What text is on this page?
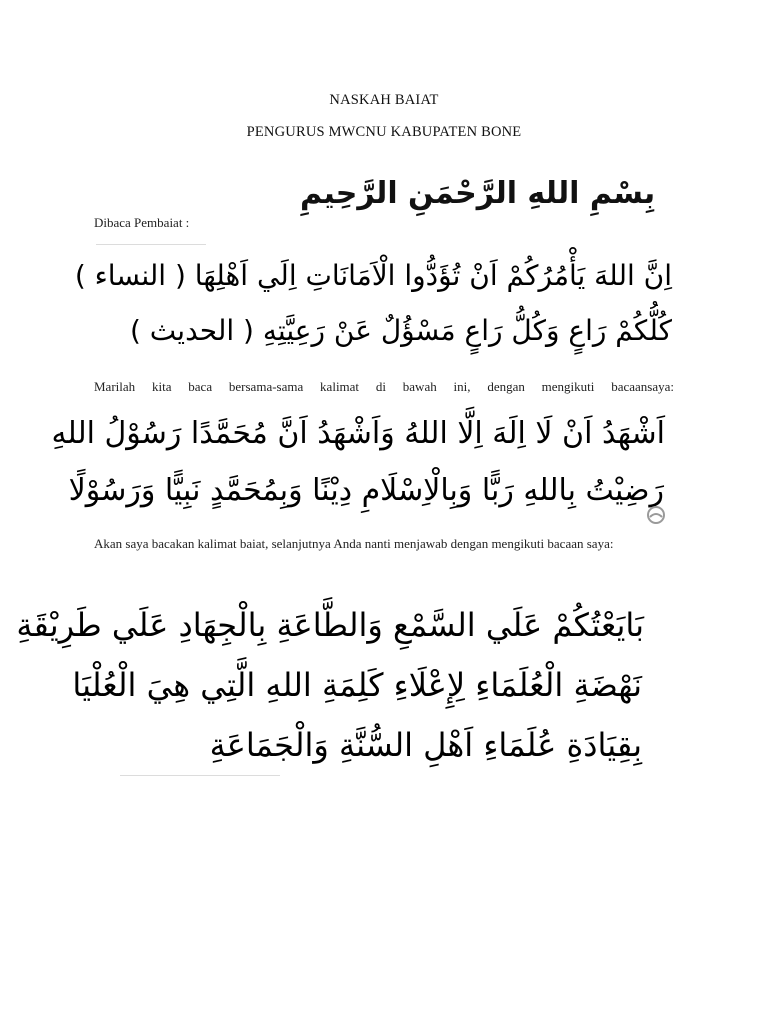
NASKAH BAIAT
PENGURUS MWCNU KABUPATEN BONE
بِسْمِ اللهِ الرَّحْمَنِ الرَّحِيمِ
Dibaca Pembaiat :
اِنَّ اللهَ يَأْمُرُكُمْ اَنْ تُؤَدُّوا الْاَمَانَاتِ اِلَي اَهْلِهَا ( النساء )
كُلُّكُمْ رَاعٍ وَكُلُّ رَاعٍ مَسْؤُلٌ عَنْ رَعِيَّتِهِ ( الحديث )
Marilah kita baca bersama-sama kalimat di bawah ini, dengan mengikuti bacaansaya:
اَشْهَدُ اَنْ لَا اِلَهَ اِلَّا اللهُ وَاَشْهَدُ اَنَّ مُحَمَّدًا رَسُوْلُ اللهِ
رَضِيْتُ بِاللهِ رَبًّا وَبِالْاِسْلَامِ دِيْنًا وَبِمُحَمَّدٍ نَبِيًّا وَرَسُوْلًا
Akan saya bacakan kalimat baiat, selanjutnya Anda nanti menjawab dengan mengikuti bacaan saya:
بَايَعْتُكُمْ عَلَي السَّمْعِ وَالطَّاعَةِ بِالْجِهَادِ عَلَي طَرِيْقَةِ
نَهْضَةِ الْعُلَمَاءِ لِإِعْلَاءِ كَلِمَةِ اللهِ الَّتِي هِيَ الْعُلْيَا
بِقِيَادَةِ عُلَمَاءِ اَهْلِ السُّنَّةِ وَالْجَمَاعَةِ
